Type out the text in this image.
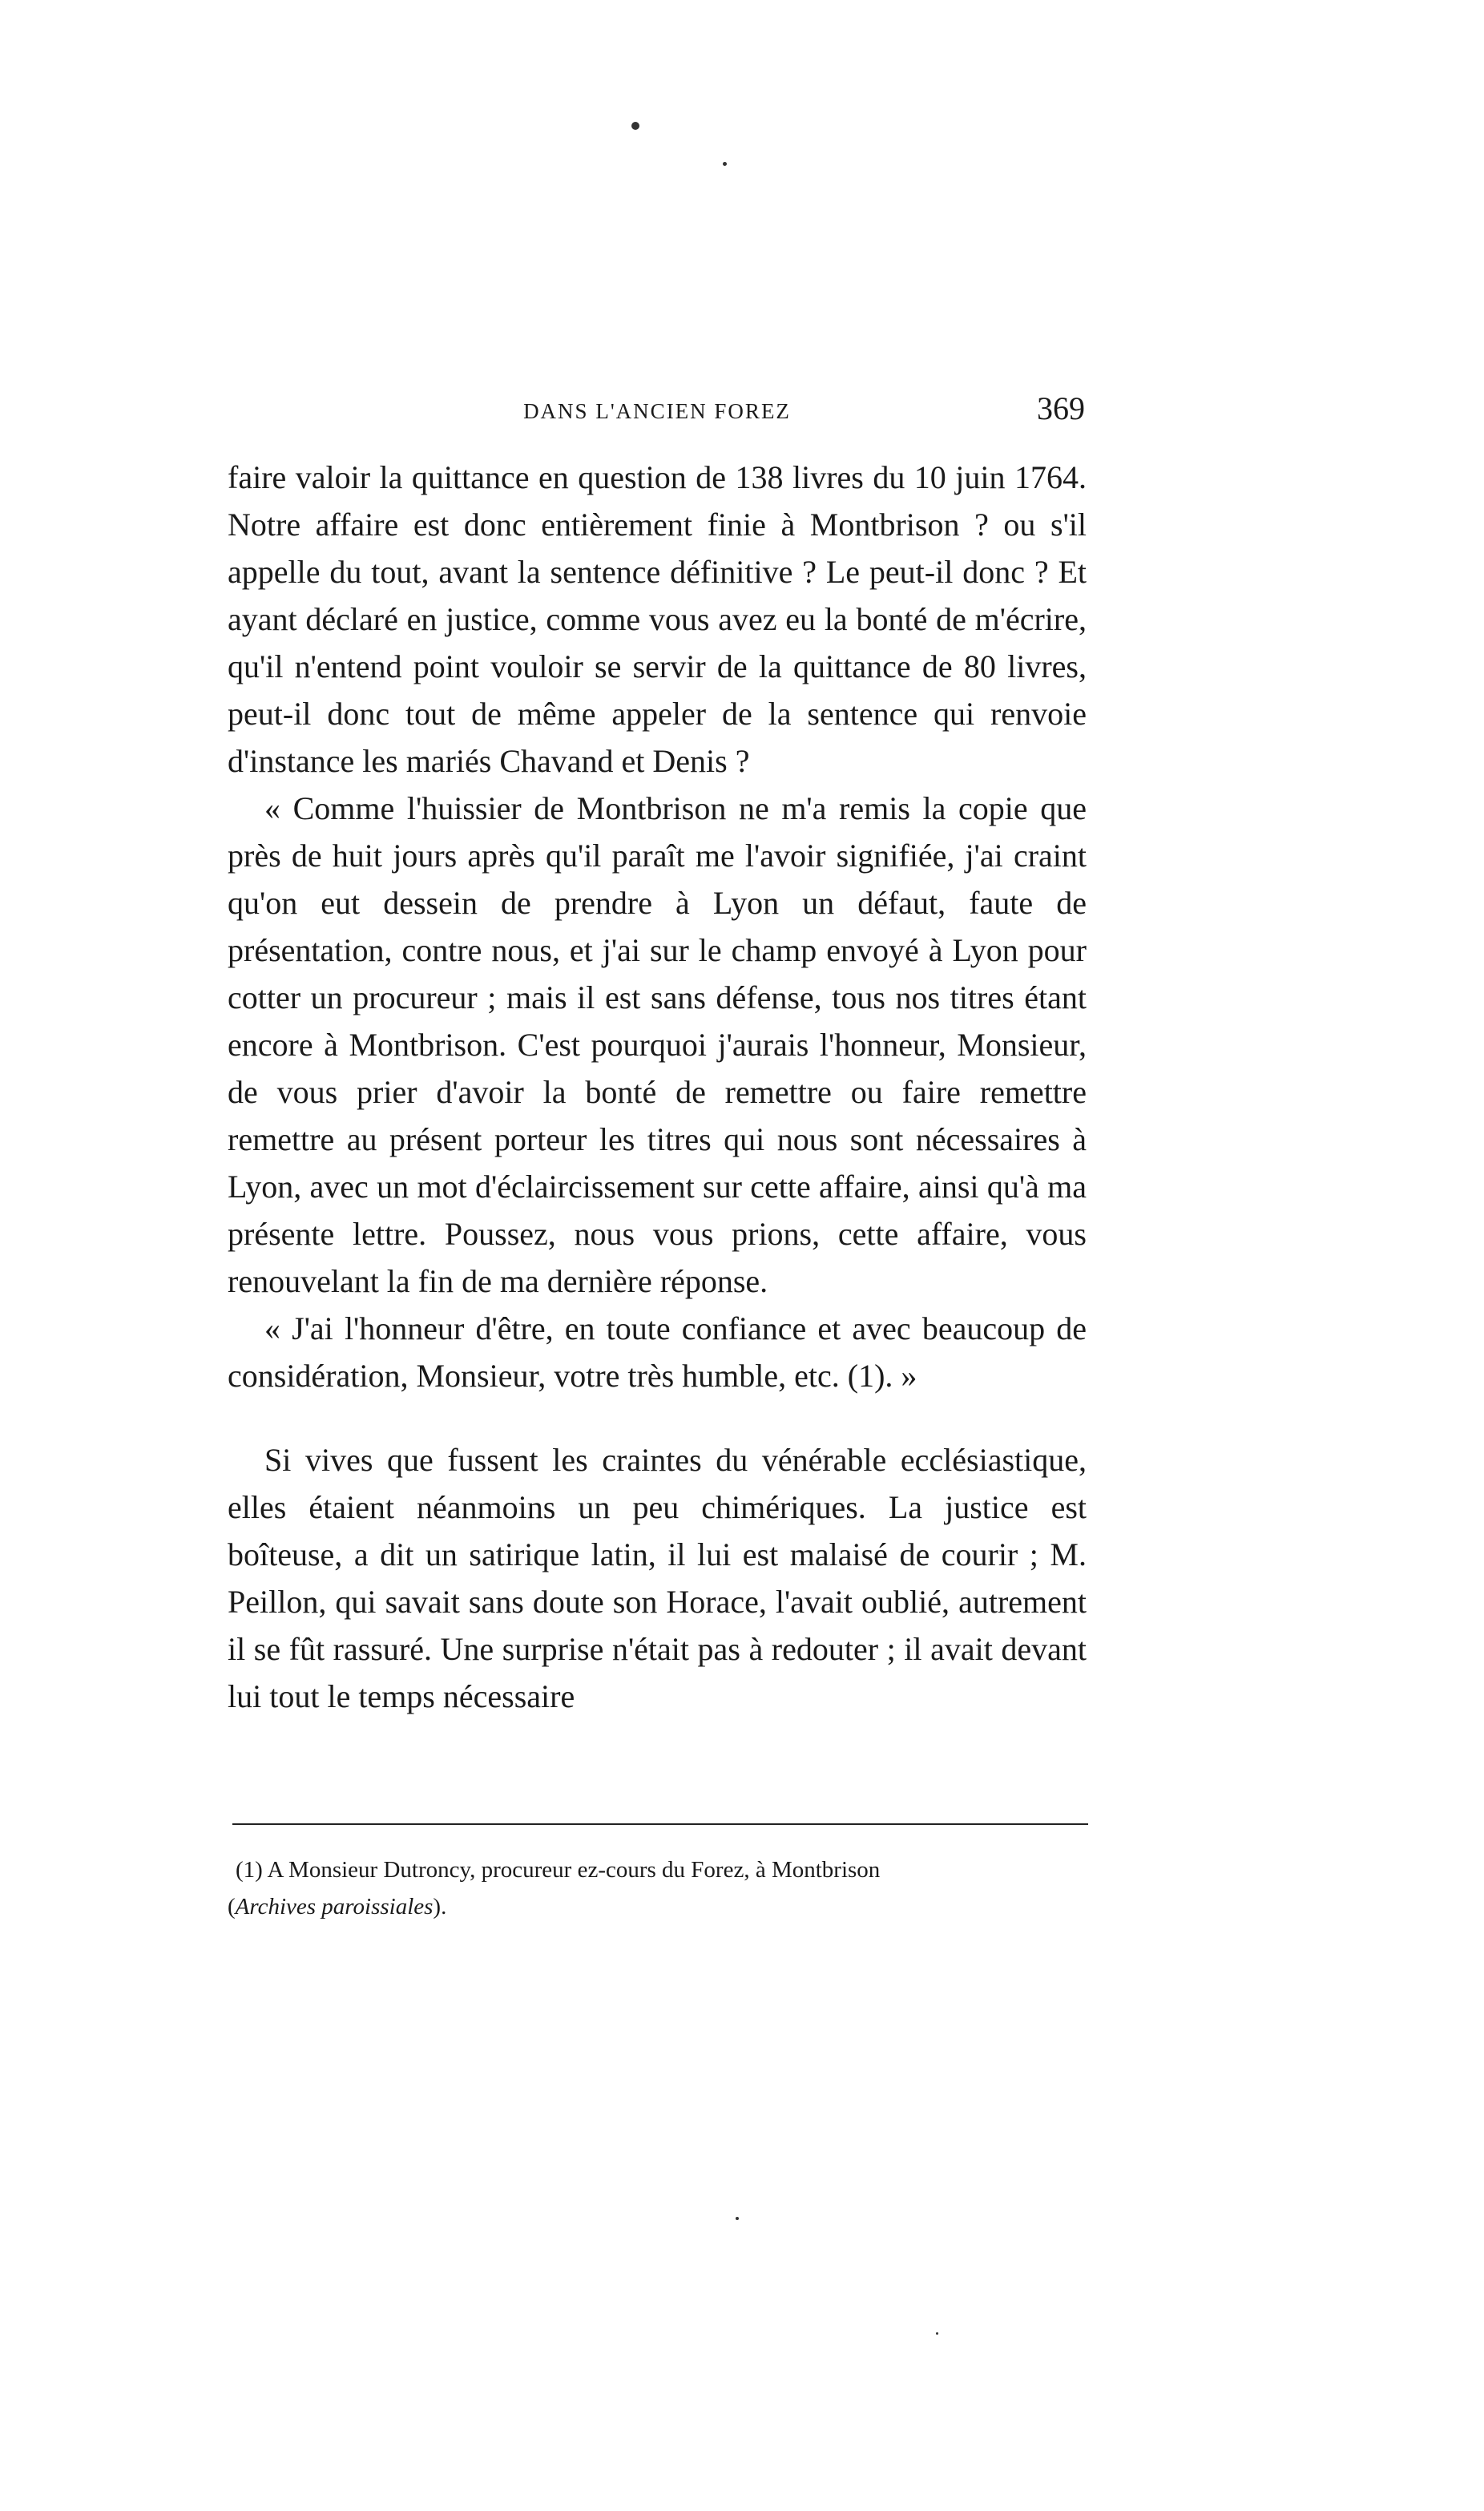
DANS L'ANCIEN FOREZ	369

faire valoir la quittance en question de 138 livres du 10 juin 1764. Notre affaire est donc entièrement finie à Montbrison ? ou s'il appelle du tout, avant la sentence définitive ? Le peut-il donc ? Et ayant déclaré en justice, comme vous avez eu la bonté de m'écrire, qu'il n'entend point vouloir se servir de la quittance de 80 livres, peut-il donc tout de même appeler de la sentence qui renvoie d'instance les mariés Chavand et Denis ?

« Comme l'huissier de Montbrison ne m'a remis la copie que près de huit jours après qu'il paraît me l'avoir signifiée, j'ai craint qu'on eut dessein de prendre à Lyon un défaut, faute de présentation, contre nous, et j'ai sur le champ envoyé à Lyon pour cotter un procureur ; mais il est sans défense, tous nos titres étant encore à Montbrison. C'est pourquoi j'aurais l'honneur, Monsieur, de vous prier d'avoir la bonté de remettre ou faire remettre remettre au présent porteur les titres qui nous sont nécessaires à Lyon, avec un mot d'éclaircissement sur cette affaire, ainsi qu'à ma présente lettre. Poussez, nous vous prions, cette affaire, vous renouvelant la fin de ma dernière réponse.

« J'ai l'honneur d'être, en toute confiance et avec beaucoup de considération, Monsieur, votre très humble, etc. (1). »

Si vives que fussent les craintes du vénérable ecclésiastique, elles étaient néanmoins un peu chimériques. La justice est boîteuse, a dit un satirique latin, il lui est malaisé de courir ; M. Peillon, qui savait sans doute son Horace, l'avait oublié, autrement il se fût rassuré. Une surprise n'était pas à redouter ; il avait devant lui tout le temps nécessaire

(1) A Monsieur Dutroncy, procureur ez-cours du Forez, à Montbrison
(Archives paroissiales).
